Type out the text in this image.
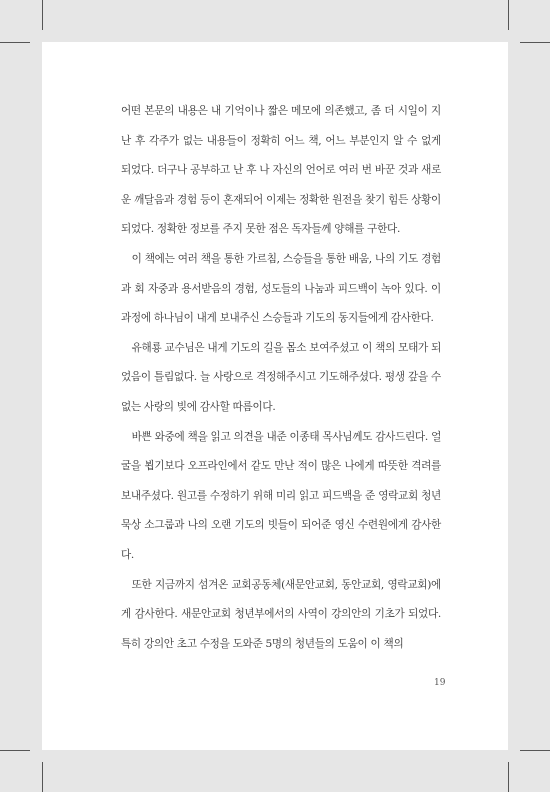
어떤 본문의 내용은 내 기억이나 짧은 메모에 의존했고, 좀 더 시일이 지난 후 각주가 없는 내용들이 정확히 어느 책, 어느 부분인지 알 수 없게 되었다. 더구나 공부하고 난 후 나 자신의 언어로 여러 번 바꾼 것과 새로운 깨달음과 경험 등이 혼재되어 이제는 정확한 원전을 찾기 힘든 상황이 되었다. 정확한 정보를 주지 못한 점은 독자들께 양해를 구한다.

이 책에는 여러 책을 통한 가르침, 스승들을 통한 배움, 나의 기도 경험과 회 자중과 용서받음의 경험, 성도들의 나눔과 피드백이 녹아 있다. 이 과정에 하나님이 내게 보내주신 스승들과 기도의 동지들에게 감사한다.

유해룡 교수님은 내게 기도의 길을 몸소 보여주셨고 이 책의 모태가 되었음이 틀림없다. 늘 사랑으로 격정해주시고 기도해주셨다. 평생 갚을 수 없는 사랑의 빚에 감사할 따름이다.

바쁜 와중에 책을 읽고 의견을 내준 이종태 목사님께도 감사드린다. 얼굴을 뵙기보다 오프라인에서 같도 만난 적이 많은 나에게 따뜻한 격려를 보내주셨다. 원고를 수정하기 위해 미리 읽고 피드백을 준 영락교회 청년 묵상 소그룹과 나의 오랜 기도의 빗들이 되어준 영신 수련원에게 감사한다.

또한 지금까지 섬겨온 교회공동체(새문안교회, 동안교회, 영락교회)에게 감사한다. 새문안교회 청년부에서의 사역이 강의안의 기초가 되었다. 특히 강의안 초고 수정을 도와준 5명의 청년들의 도움이 이 책의

19
